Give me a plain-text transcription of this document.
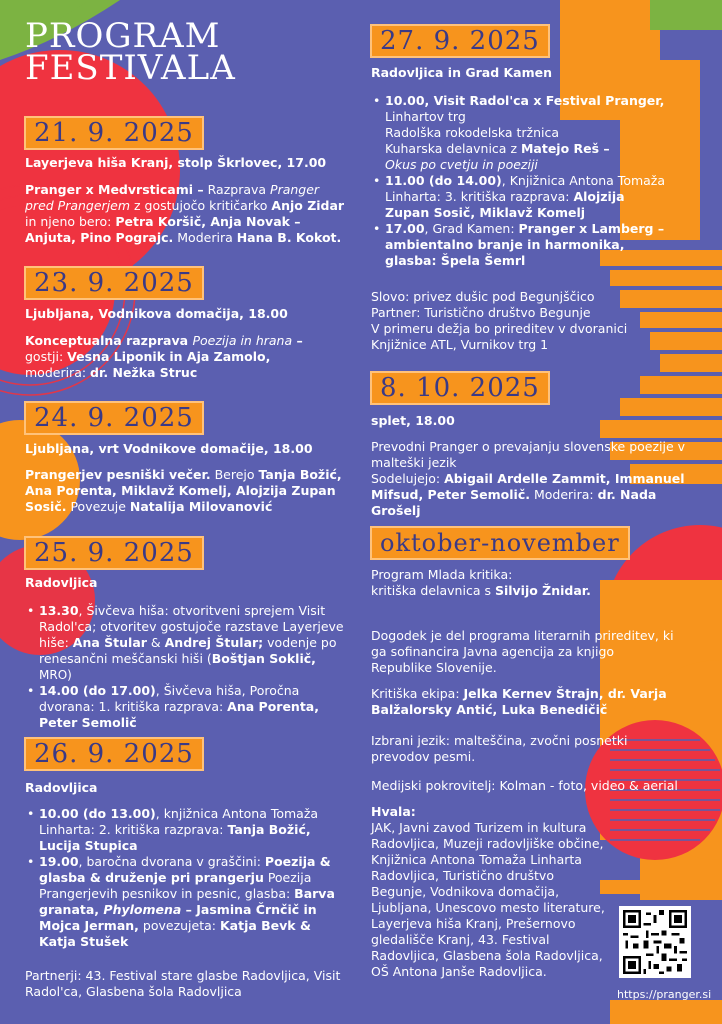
PROGRAM
FESTIVALA
21. 9. 2025
Layerjeva hiša Kranj, stolp Škrlovec, 17.00
Pranger x Medvrsticami – Razprava Pranger pred Prangerjem z gostujočo kritičarko Anjo Zidar in njeno bero: Petra Koršič, Anja Novak – Anjuta, Pino Pograjc. Moderira Hana B. Kokot.
23. 9. 2025
Ljubljana, Vodnikova domačija, 18.00
Konceptualna razprava Poezija in hrana –
gostji: Vesna Liponik in Aja Zamolo,
moderira: dr. Nežka Struc
24. 9. 2025
Ljubljana, vrt Vodnikove domačije, 18.00
Prangerjev pesniški večer. Berejo Tanja Božić, Ana Porenta, Miklavž Komelj, Alojzija Zupan Sosič. Povezuje Natalija Milovanović
25. 9. 2025
Radovljica
• 13.30, Šivčeva hiša: otvoritveni sprejem Visit Radol'ca; otvoritev gostujoče razstave Layerjeve hiše: Ana Štular & Andrej Štular; vodenje po renesančni meščanski hiši (Boštjan Soklič, MRO)
• 14.00 (do 17.00), Šivčeva hiša, Poročna dvorana: 1. kritiška razprava: Ana Porenta, Peter Semolič
26. 9. 2025
Radovljica
• 10.00 (do 13.00), knjižnica Antona Tomaža Linharta: 2. kritiška razprava: Tanja Božić, Lucija Stupica
• 19.00, baročna dvorana v graščini: Poezija & glasba & druženje pri prangerju Poezija Prangerjevih pesnikov in pesnic, glasba: Barva granata, Phylomena – Jasmina Črnčič in Mojca Jerman, povezujeta: Katja Bevk & Katja Stušek
Partnerji: 43. Festival stare glasbe Radovljica, Visit Radol'ca, Glasbena šola Radovljica
27. 9. 2025
Radovljica in Grad Kamen
• 10.00, Visit Radol'ca x Festival Pranger,
Linhartov trg
Radolška rokodelska tržnica
Kuharska delavnica z Matejo Reš –
Okus po cvetju in poeziji
• 11.00 (do 14.00), Knjižnica Antona Tomaža Linharta: 3. kritiška razprava: Alojzija Zupan Sosič, Miklavž Komelj
• 17.00, Grad Kamen: Pranger x Lamberg – ambientalno branje in harmonika, glasba: Špela Šemrl
Slovo: privez dušic pod Begunjščico
Partner: Turistično društvo Begunje
V primeru dežja bo prireditev v dvoranici Knjižnice ATL, Vurnikov trg 1
8. 10. 2025
splet, 18.00
Prevodni Pranger o prevajanju slovenske poezije v malteški jezik
Sodelujejo: Abigail Ardelle Zammit, Immanuel Mifsud, Peter Semolič. Moderira: dr. Nada Grošelj
oktober-november
Program Mlada kritika:
kritiška delavnica s Silvijo Žnidar.
Dogodek je del programa literarnih prireditev, ki ga sofinancira Javna agencija za knjigo Republike Slovenije.
Kritiška ekipa: Jelka Kernev Štrajn, dr. Varja Balžalorsky Antić, Luka Benedičič
Izbrani jezik: malteščina, zvočni posnetki prevodov pesmi.
Medijski pokrovitelj: Kolman - foto, video & aerial
Hvala:
JAK, Javni zavod Turizem in kultura Radovljica, Muzeji radovljiške občine, Knjižnica Antona Tomaža Linharta Radovljica, Turistično društvo Begunje, Vodnikova domačija, Ljubljana, Unescovo mesto literature, Layerjeva hiša Kranj, Prešernovo gledališče Kranj, 43. Festival Radovljica, Glasbena šola Radovljica, OŠ Antona Janše Radovljica.
https://pranger.si
